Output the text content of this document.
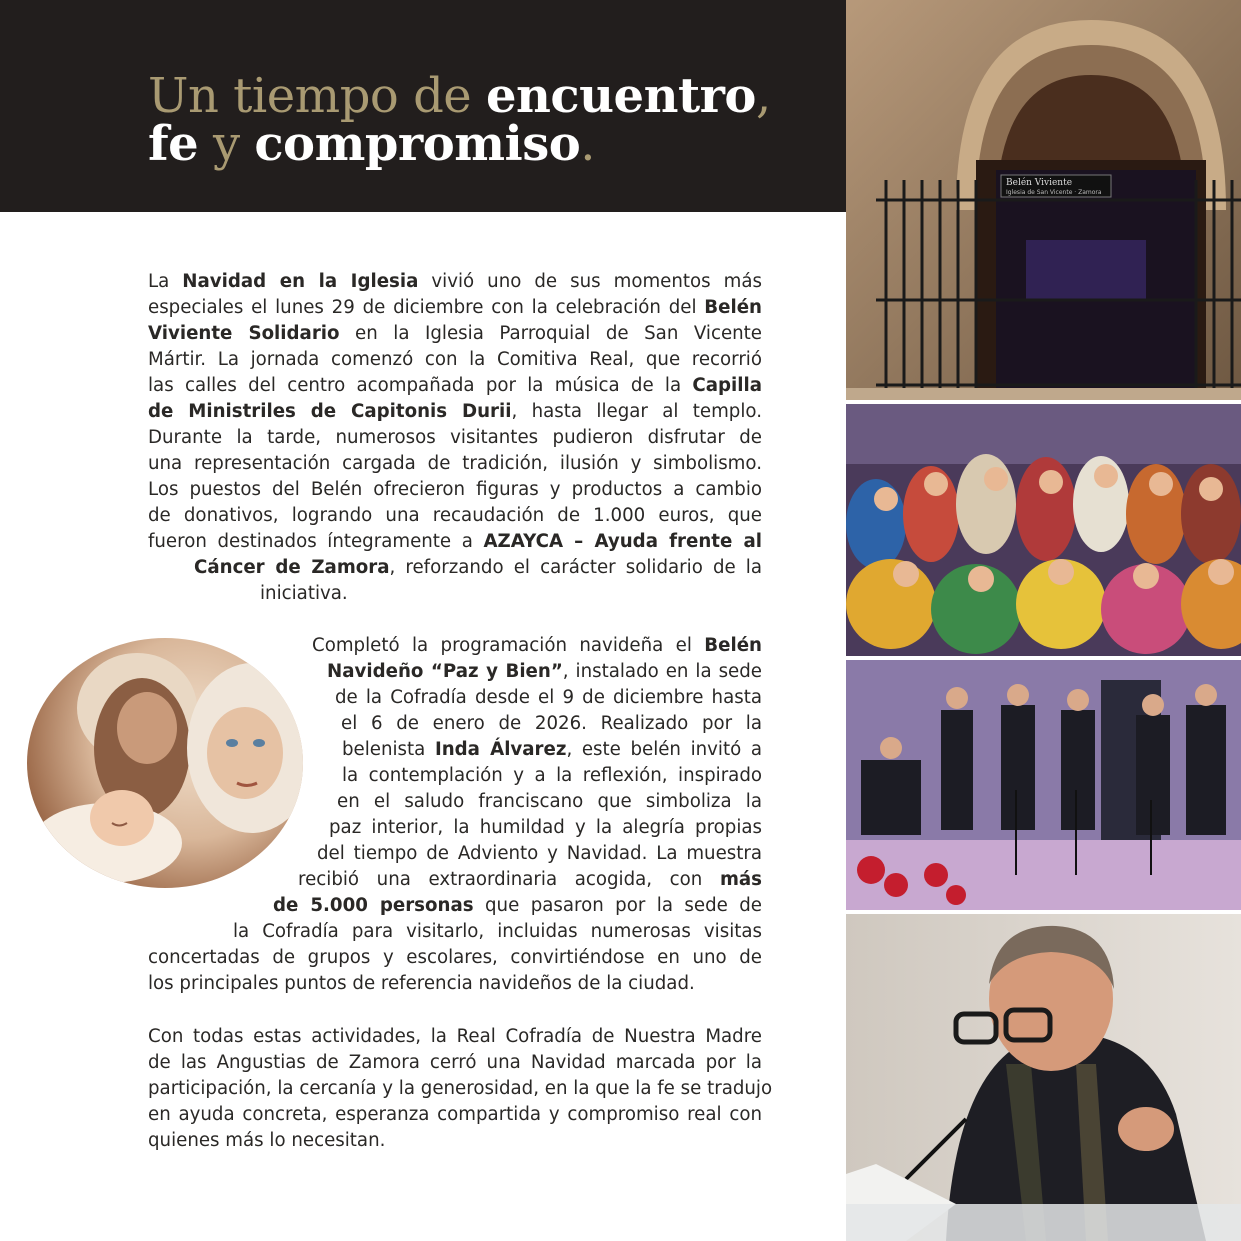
Un tiempo de encuentro,
fe y compromiso.
La Navidad en la Iglesia vivió uno de sus momentos más
especiales el lunes 29 de diciembre con la celebración del Belén
Viviente Solidario en la Iglesia Parroquial de San Vicente
Mártir. La jornada comenzó con la Comitiva Real, que recorrió
las calles del centro acompañada por la música de la Capilla
de Ministriles de Capitonis Durii, hasta llegar al templo.
Durante la tarde, numerosos visitantes pudieron disfrutar de
una representación cargada de tradición, ilusión y simbolismo.
Los puestos del Belén ofrecieron figuras y productos a cambio
de donativos, logrando una recaudación de 1.000 euros, que
fueron destinados íntegramente a AZAYCA – Ayuda frente al
Cáncer de Zamora, reforzando el carácter solidario de la
iniciativa.
Completó la programación navideña el Belén
Navideño “Paz y Bien”, instalado en la sede
de la Cofradía desde el 9 de diciembre hasta
el 6 de enero de 2026. Realizado por la
belenista Inda Álvarez, este belén invitó a
la contemplación y a la reflexión, inspirado
en el saludo franciscano que simboliza la
paz interior, la humildad y la alegría propias
del tiempo de Adviento y Navidad. La muestra
recibió una extraordinaria acogida, con más
de 5.000 personas que pasaron por la sede de
la Cofradía para visitarlo, incluidas numerosas visitas
concertadas de grupos y escolares, convirtiéndose en uno de
los principales puntos de referencia navideños de la ciudad.
Con todas estas actividades, la Real Cofradía de Nuestra Madre
de las Angustias de Zamora cerró una Navidad marcada por la
participación, la cercanía y la generosidad, en la que la fe se tradujo
en ayuda concreta, esperanza compartida y compromiso real con
quienes más lo necesitan.
Belén Viviente
Iglesia de San Vicente · Zamora
